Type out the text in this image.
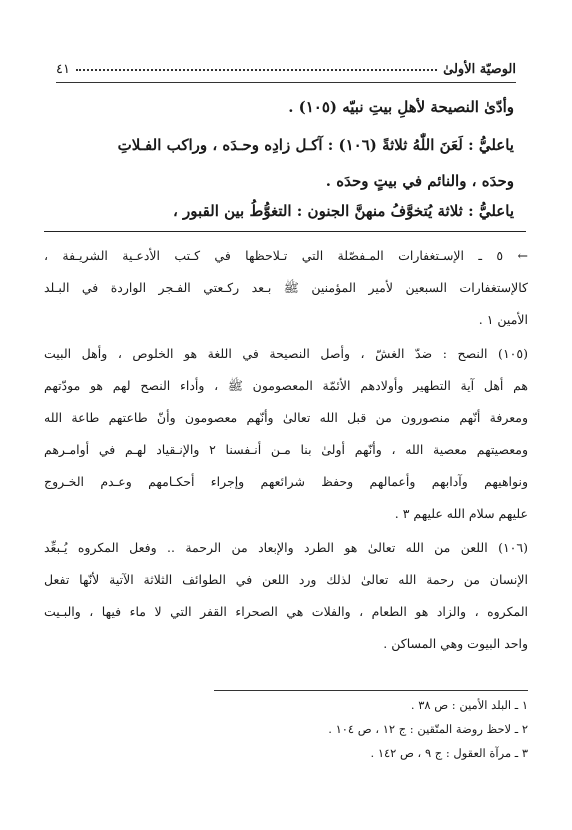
الوصيّة الأولىٰ
٤١
وأدّىٰ النصيحة لأهلِ بيتِ نبيّه (١٠٥) .
ياعليُّ : لَعَنَ اللّٰهُ ثلاثةً (١٠٦) : آكـل زادِه وحـدَه ، وراكب الفـلاتِ
وحدَه ، والنائم في بيتٍ وحدَه .
ياعليُّ : ثلاثة يُتخوَّفُ منهنَّ الجنون : التغوُّطُ بين القبور ،
← ٥ ـ الإسـتغفارات المـفصّلة التي تـلاحظها في كـتب الأدعـية الشريـفة ،
كالإستغفارات السبعين لأمير المؤمنين ﷺ بـعد ركـعتي الفـجر الواردة في البـلد
الأمين ١ .
(١٠٥) النصح : ضدّ الغشّ ، وأصل النصيحة في اللغة هو الخلوص ، وأهل البيت
هم أهل آية التطهير وأولادهم الأئمّة المعصومون ﷺ ، وأداء النصح لهم هو مودّتهم
ومعرفة أنّهم منصورون من قبل الله تعالىٰ وأنّهم معصومون وأنّ طاعتهم طاعة الله
ومعصيتهم معصية الله ، وأنّهم أولىٰ بنا مـن أنـفسنا ٢ والإنـقياد لهـم في أوامـرهم
ونواهيهم وآدابهم وأعمالهم وحفظ شرائعهم وإجراء أحكـامهم وعـدم الخـروج
عليهم سلام الله عليهم ٣ .
(١٠٦) اللعن من الله تعالىٰ هو الطرد والإبعاد من الرحمة .. وفعل المكروه يُـبعِّد
الإنسان من رحمة الله تعالىٰ لذلك ورد اللعن في الطوائف الثلاثة الآتية لأنّها تفعل
المكروه ، والزاد هو الطعام ، والفلات هي الصحراء القفر التي لا ماء فيها ، والبـيت
واحد البيوت وهي المساكن .
١ ـ البلد الأمين : ص ٣٨ .
٢ ـ لاحظ روضة المتّقين : ج ١٢ ، ص ١٠٤ .
٣ ـ مرآة العقول : ج ٩ ، ص ١٤٢ .
